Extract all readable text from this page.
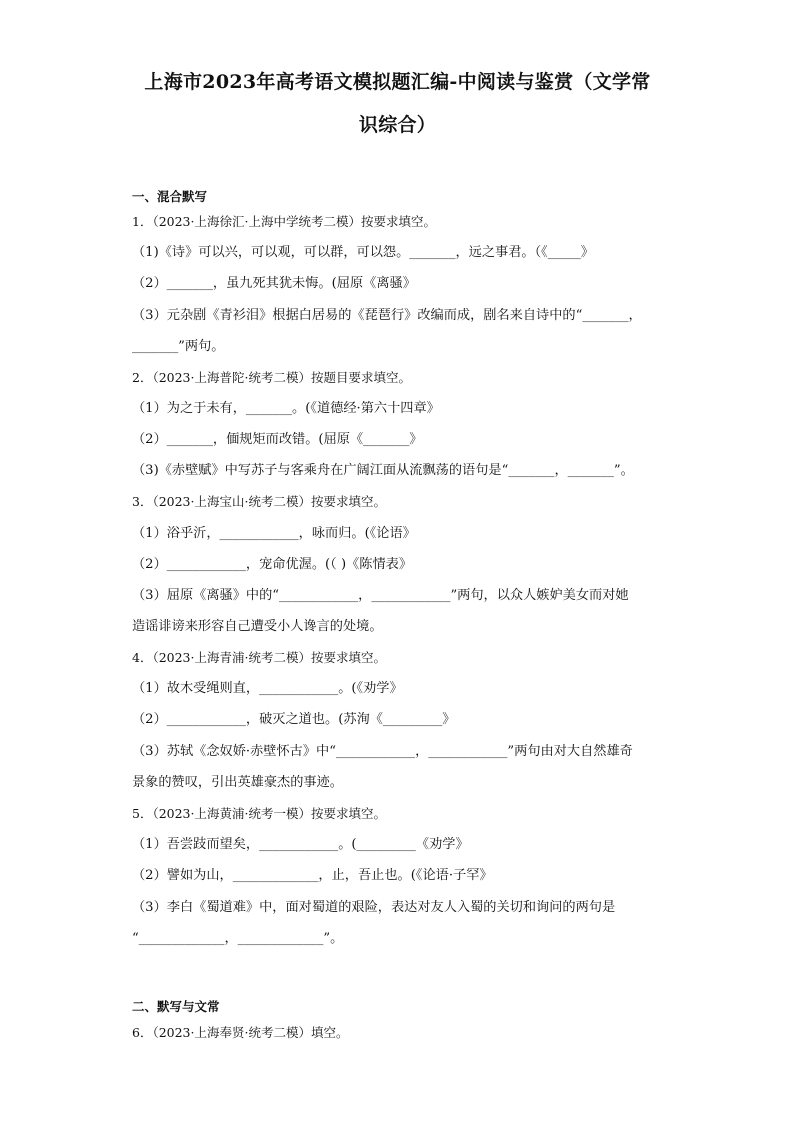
上海市2023年高考语文模拟题汇编-中阅读与鉴赏（文学常
识综合）
一、混合默写
1．（2023·上海徐汇·上海中学统考二模）按要求填空。
（1)《诗》可以兴，可以观，可以群，可以怨。_______，远之事君。（《_____》
（2）_______，虽九死其犹未悔。(屈原《离骚》
（3）元杂剧《青衫泪》根据白居易的《琵琶行》改编而成，剧名来自诗中的“_______，
_______”两句。
2．（2023·上海普陀·统考二模）按题目要求填空。
（1）为之于未有，_______。(《道德经·第六十四章》
（2）_______，偭规矩而改错。(屈原《_______》
（3)《赤壁赋》中写苏子与客乘舟在广阔江面从流飘荡的语句是“_______，_______”。
3．（2023·上海宝山·统考二模）按要求填空。
（1）浴乎沂，____________，咏而归。(《论语》
（2）____________，宠命优渥。(（ )《陈情表》
（3）屈原《离骚》中的“____________，____________”两句，以众人嫉妒美女而对她
造谣诽谤来形容自己遭受小人谗言的处境。
4．（2023·上海青浦·统考二模）按要求填空。
（1）故木受绳则直，____________。(《劝学》
（2）____________，破灭之道也。(苏洵《_________》
（3）苏轼《念奴娇·赤壁怀古》中“____________，____________”两句由对大自然雄奇
景象的赞叹，引出英雄豪杰的事迹。
5．（2023·上海黄浦·统考一模）按要求填空。
（1）吾尝跂而望矣，____________。(_________《劝学》
（2）譬如为山，_____________，止，吾止也。(《论语·子罕》
（3）李白《蜀道难》中，面对蜀道的艰险，表达对友人入蜀的关切和询问的两句是
“_____________，_____________”。
二、默写与文常
6．（2023·上海奉贤·统考二模）填空。
